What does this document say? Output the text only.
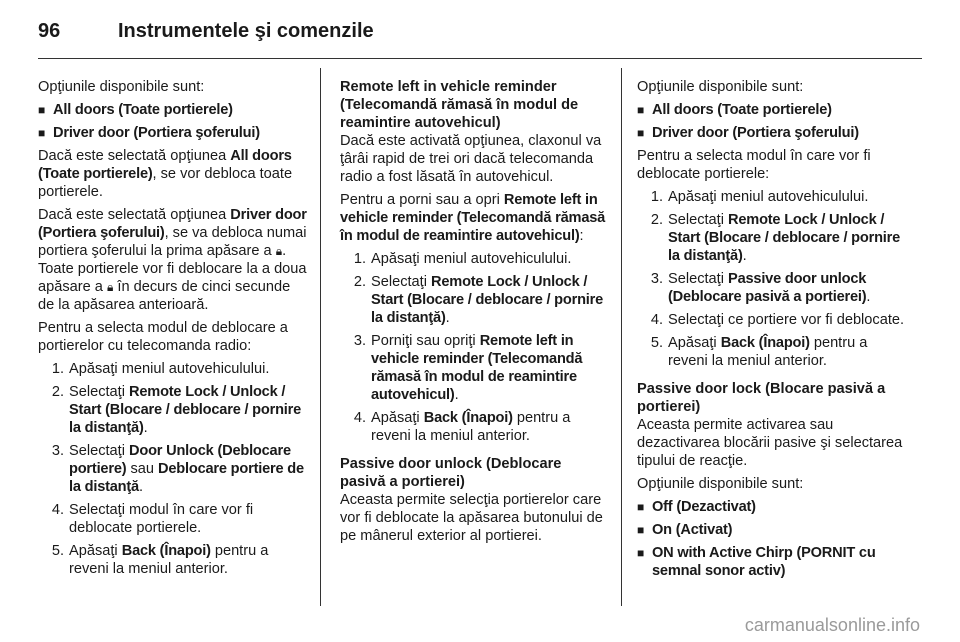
96	Instrumentele şi comenzile

Opţiunile disponibile sunt:

■ All doors (Toate portierele)
■ Driver door (Portiera şoferului)

Dacă este selectată opţiunea All doors (Toate portierele), se vor debloca toate portierele.

Dacă este selectată opţiunea Driver door (Portiera şoferului), se va debloca numai portiera şoferului la prima apăsare a 🔒︎. Toate portierele vor fi deblocare la a doua apăsare a 🔒︎ în decurs de cinci secunde de la apăsarea anterioară.

Pentru a selecta modul de deblocare a portierelor cu telecomanda radio:

1. Apăsaţi meniul autovehiculului.
2. Selectaţi Remote Lock / Unlock / Start (Blocare / deblocare / pornire la distanţă).
3. Selectaţi Door Unlock (Deblocare portiere) sau Deblocare portiere de la distanţă.
4. Selectaţi modul în care vor fi deblocate portierele.
5. Apăsaţi Back (Înapoi) pentru a reveni la meniul anterior.

Remote left in vehicle reminder (Telecomandă rămasă în modul de reamintire autovehicul)

Dacă este activată opţiunea, claxonul va ţârâi rapid de trei ori dacă telecomanda radio a fost lăsată în autovehicul.

Pentru a porni sau a opri Remote left in vehicle reminder (Telecomandă rămasă în modul de reamintire autovehicul):

1. Apăsaţi meniul autovehiculului.
2. Selectaţi Remote Lock / Unlock / Start (Blocare / deblocare / pornire la distanţă).
3. Porniţi sau opriţi Remote left in vehicle reminder (Telecomandă rămasă în modul de reamintire autovehicul).
4. Apăsaţi Back (Înapoi) pentru a reveni la meniul anterior.

Passive door unlock (Deblocare pasivă a portierei)

Aceasta permite selecţia portierelor care vor fi deblocate la apăsarea butonului de pe mânerul exterior al portierei.

Opţiunile disponibile sunt:

■ All doors (Toate portierele)
■ Driver door (Portiera şoferului)

Pentru a selecta modul în care vor fi deblocate portierele:

1. Apăsaţi meniul autovehiculului.
2. Selectaţi Remote Lock / Unlock / Start (Blocare / deblocare / pornire la distanţă).
3. Selectaţi Passive door unlock (Deblocare pasivă a portierei).
4. Selectaţi ce portiere vor fi deblocate.
5. Apăsaţi Back (Înapoi) pentru a reveni la meniul anterior.

Passive door lock (Blocare pasivă a portierei)

Aceasta permite activarea sau dezactivarea blocării pasive şi selectarea tipului de reacţie.

Opţiunile disponibile sunt:

■ Off (Dezactivat)
■ On (Activat)
■ ON with Active Chirp (PORNIT cu semnal sonor activ)
carmanualsonline.info
